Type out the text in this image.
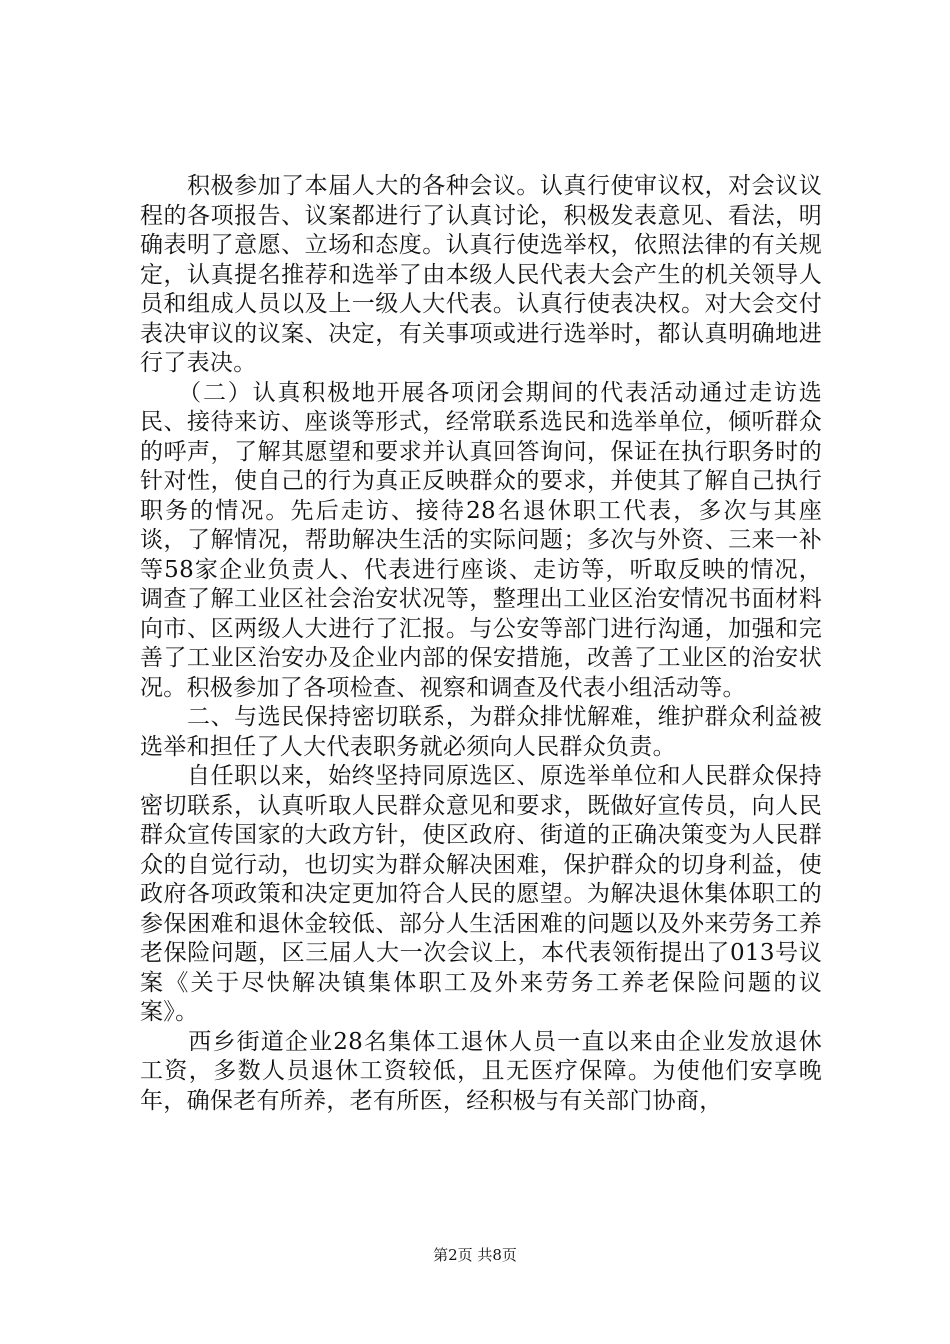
　　积极参加了本届人大的各种会议。认真行使审议权，对会议议程的各项报告、议案都进行了认真讨论，积极发表意见、看法，明确表明了意愿、立场和态度。认真行使选举权，依照法律的有关规定，认真提名推荐和选举了由本级人民代表大会产生的机关领导人员和组成人员以及上一级人大代表。认真行使表决权。对大会交付表决审议的议案、决定，有关事项或进行选举时，都认真明确地进行了表决。

　　（二）认真积极地开展各项闭会期间的代表活动通过走访选民、接待来访、座谈等形式，经常联系选民和选举单位，倾听群众的呼声，了解其愿望和要求并认真回答询问，保证在执行职务时的针对性，使自己的行为真正反映群众的要求，并使其了解自己执行职务的情况。先后走访、接待28名退休职工代表，多次与其座谈，了解情况，帮助解决生活的实际问题；多次与外资、三来一补等58家企业负责人、代表进行座谈、走访等，听取反映的情况，调查了解工业区社会治安状况等，整理出工业区治安情况书面材料向市、区两级人大进行了汇报。与公安等部门进行沟通，加强和完善了工业区治安办及企业内部的保安措施，改善了工业区的治安状况。积极参加了各项检查、视察和调查及代表小组活动等。

　　二、与选民保持密切联系，为群众排忧解难，维护群众利益被选举和担任了人大代表职务就必须向人民群众负责。

　　自任职以来，始终坚持同原选区、原选举单位和人民群众保持密切联系，认真听取人民群众意见和要求，既做好宣传员，向人民群众宣传国家的大政方针，使区政府、街道的正确决策变为人民群众的自觉行动，也切实为群众解决困难，保护群众的切身利益，使政府各项政策和决定更加符合人民的愿望。为解决退休集体职工的参保困难和退休金较低、部分人生活困难的问题以及外来劳务工养老保险问题，区三届人大一次会议上，本代表领衔提出了013号议案《关于尽快解决镇集体职工及外来劳务工养老保险问题的议案》。

　　西乡街道企业28名集体工退休人员一直以来由企业发放退休工资，多数人员退休工资较低，且无医疗保障。为使他们安享晚年，确保老有所养，老有所医，经积极与有关部门协商，

第2页 共8页
